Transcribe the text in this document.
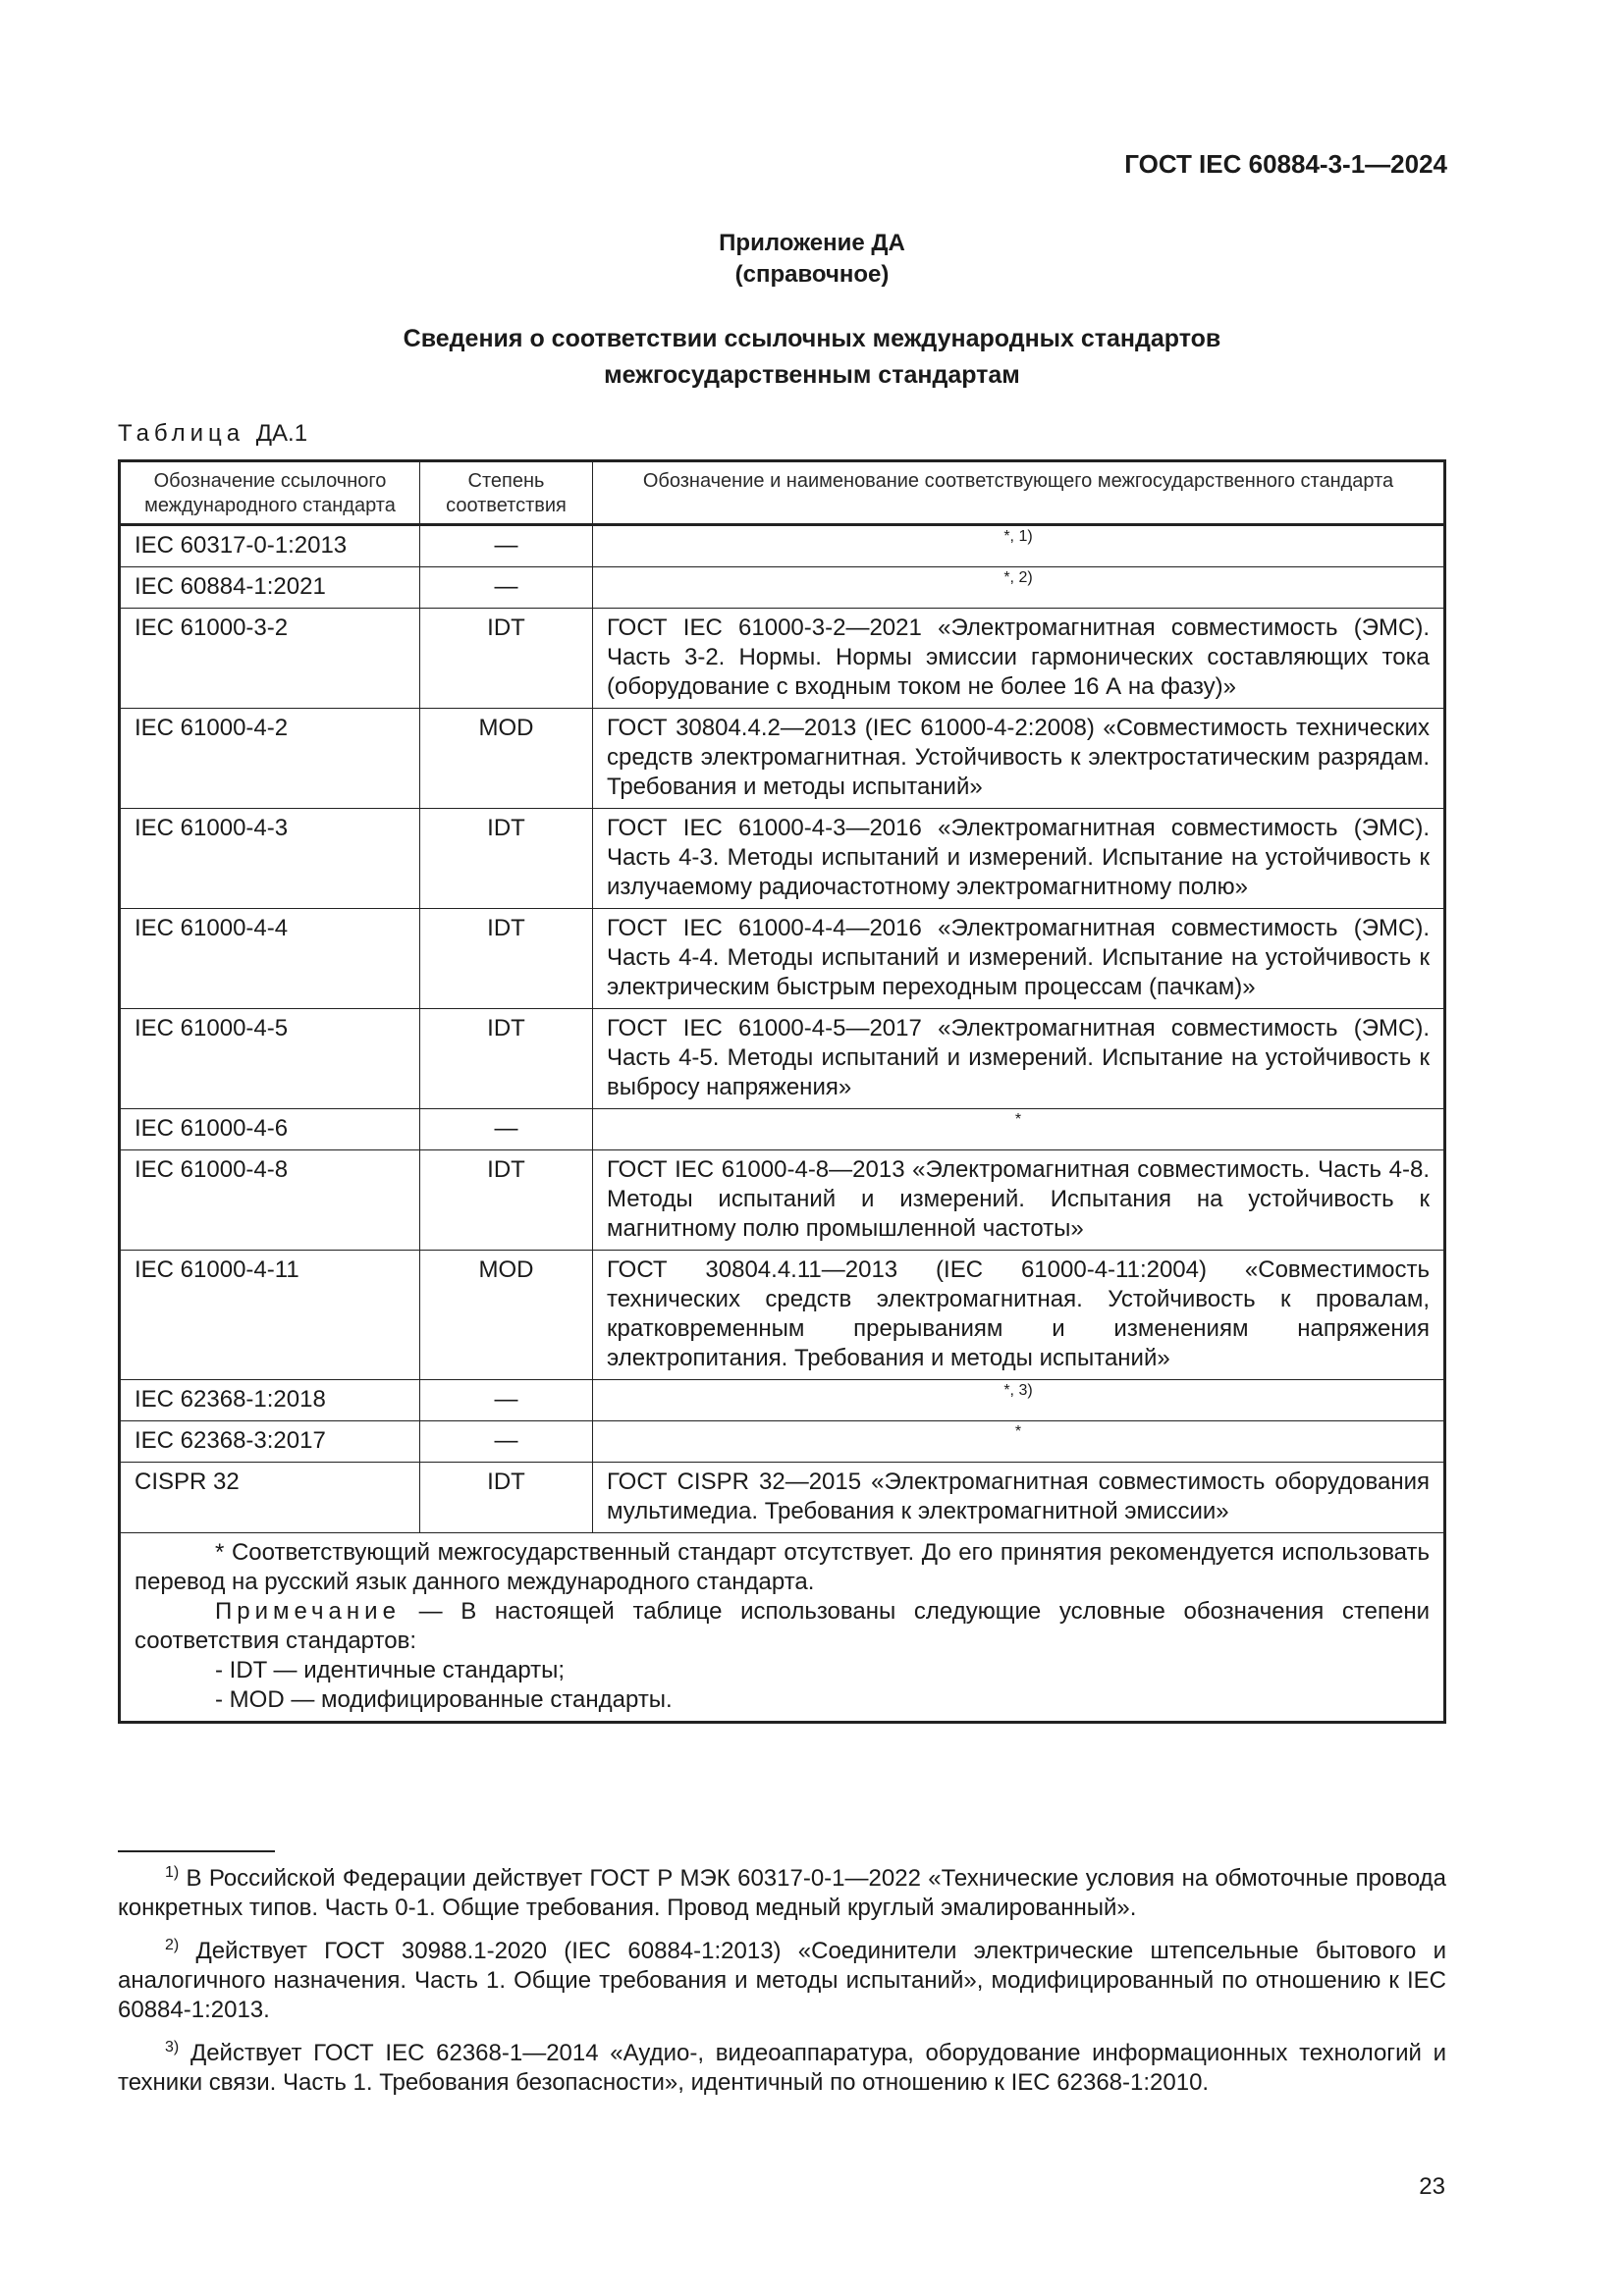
ГОСТ IEC 60884-3-1—2024
Приложение ДА
(справочное)
Сведения о соответствии ссылочных международных стандартов
межгосударственным стандартам
Таблица ДА.1
Обозначение ссылочного международного стандарта	Степень соответствия	Обозначение и наименование соответствующего межгосударственного стандарта
IEC 60317-0-1:2013	—	*, 1)
IEC 60884-1:2021	—	*, 2)
IEC 61000-3-2	IDT	ГОСТ IEC 61000-3-2—2021 «Электромагнитная совместимость (ЭМС). Часть 3-2. Нормы. Нормы эмиссии гармонических составляющих тока (оборудование с входным током не более 16 А на фазу)»
IEC 61000-4-2	MOD	ГОСТ 30804.4.2—2013 (IEC 61000-4-2:2008) «Совместимость технических средств электромагнитная. Устойчивость к электростатическим разрядам. Требования и методы испытаний»
IEC 61000-4-3	IDT	ГОСТ IEC 61000-4-3—2016 «Электромагнитная совместимость (ЭМС). Часть 4-3. Методы испытаний и измерений. Испытание на устойчивость к излучаемому радиочастотному электромагнитному полю»
IEC 61000-4-4	IDT	ГОСТ IEC 61000-4-4—2016 «Электромагнитная совместимость (ЭМС). Часть 4-4. Методы испытаний и измерений. Испытание на устойчивость к электрическим быстрым переходным процессам (пачкам)»
IEC 61000-4-5	IDT	ГОСТ IEC 61000-4-5—2017 «Электромагнитная совместимость (ЭМС). Часть 4-5. Методы испытаний и измерений. Испытание на устойчивость к выбросу напряжения»
IEC 61000-4-6	—	*
IEC 61000-4-8	IDT	ГОСТ IEC 61000-4-8—2013 «Электромагнитная совместимость. Часть 4-8. Методы испытаний и измерений. Испытания на устойчивость к магнитному полю промышленной частоты»
IEC 61000-4-11	MOD	ГОСТ 30804.4.11—2013 (IEC 61000-4-11:2004) «Совместимость технических средств электромагнитная. Устойчивость к провалам, кратковременным прерываниям и изменениям напряжения электропитания. Требования и методы испытаний»
IEC 62368-1:2018	—	*, 3)
IEC 62368-3:2017	—	*
CISPR 32	IDT	ГОСТ CISPR 32—2015 «Электромагнитная совместимость оборудования мультимедиа. Требования к электромагнитной эмиссии»

* Соответствующий межгосударственный стандарт отсутствует. До его принятия рекомендуется использовать перевод на русский язык данного международного стандарта.

Примечание — В настоящей таблице использованы следующие условные обозначения степени соответствия стандартов:

- IDT — идентичные стандарты;

- MOD — модифицированные стандарты.		

$^{1)}$ В Российской Федерации действует ГОСТ Р МЭК 60317-0-1—2022 «Технические условия на обмоточные провода конкретных типов. Часть 0-1. Общие требования. Провод медный круглый эмалированный».

$^{2)}$ Действует ГОСТ 30988.1-2020 (IEC 60884-1:2013) «Соединители электрические штепсельные бытового и аналогичного назначения. Часть 1. Общие требования и методы испытаний», модифицированный по отношению к IEC 60884-1:2013.

$^{3)}$ Действует ГОСТ IEC 62368-1—2014 «Аудио-, видеоаппаратура, оборудование информационных технологий и техники связи. Часть 1. Требования безопасности», идентичный по отношению к IEC 62368-1:2010.

23
